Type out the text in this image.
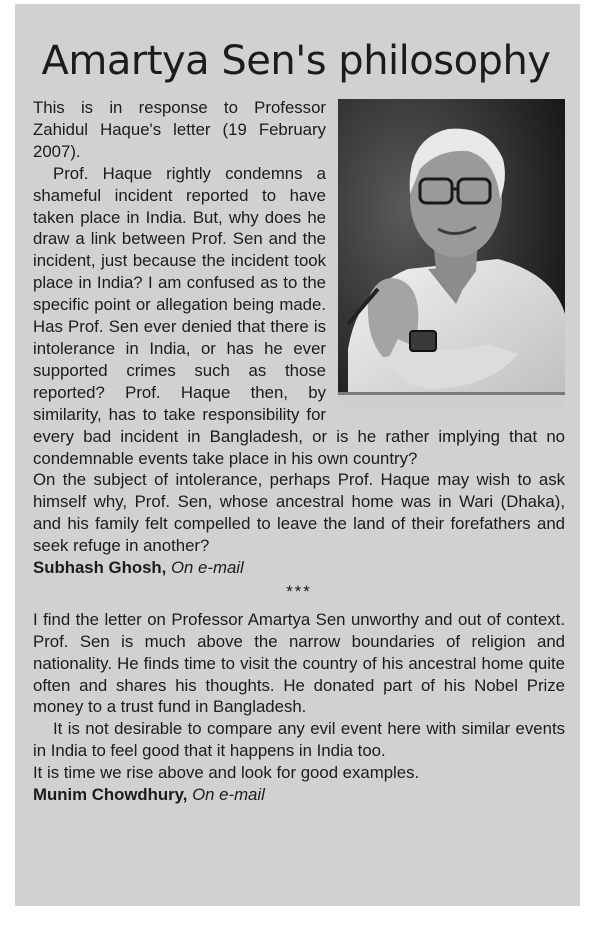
Amartya Sen's philosophy

This is in response to Professor Zahidul Haque's letter (19 February 2007).

Prof. Haque rightly condemns a shameful incident reported to have taken place in India. But, why does he draw a link between Prof. Sen and the incident, just because the incident took place in India? I am confused as to the specific point or allegation being made. Has Prof. Sen ever denied that there is intolerance in India, or has he ever supported crimes such as those reported? Prof. Haque then, by similarity, has to take responsibility for every bad incident in Bangladesh, or is he rather implying that no condemnable events take place in his own country?

On the subject of intolerance, perhaps Prof. Haque may wish to ask himself why, Prof. Sen, whose ancestral home was in Wari (Dhaka), and his family felt compelled to leave the land of their forefathers and seek refuge in another?

Subhash Ghosh, On e-mail

***

I find the letter on Professor Amartya Sen unworthy and out of context. Prof. Sen is much above the narrow boundaries of religion and nationality. He finds time to visit the country of his ancestral home quite often and shares his thoughts. He donated part of his Nobel Prize money to a trust fund in Bangladesh.

It is not desirable to compare any evil event here with similar events in India to feel good that it happens in India too.

It is time we rise above and look for good examples.

Munim Chowdhury, On e-mail
